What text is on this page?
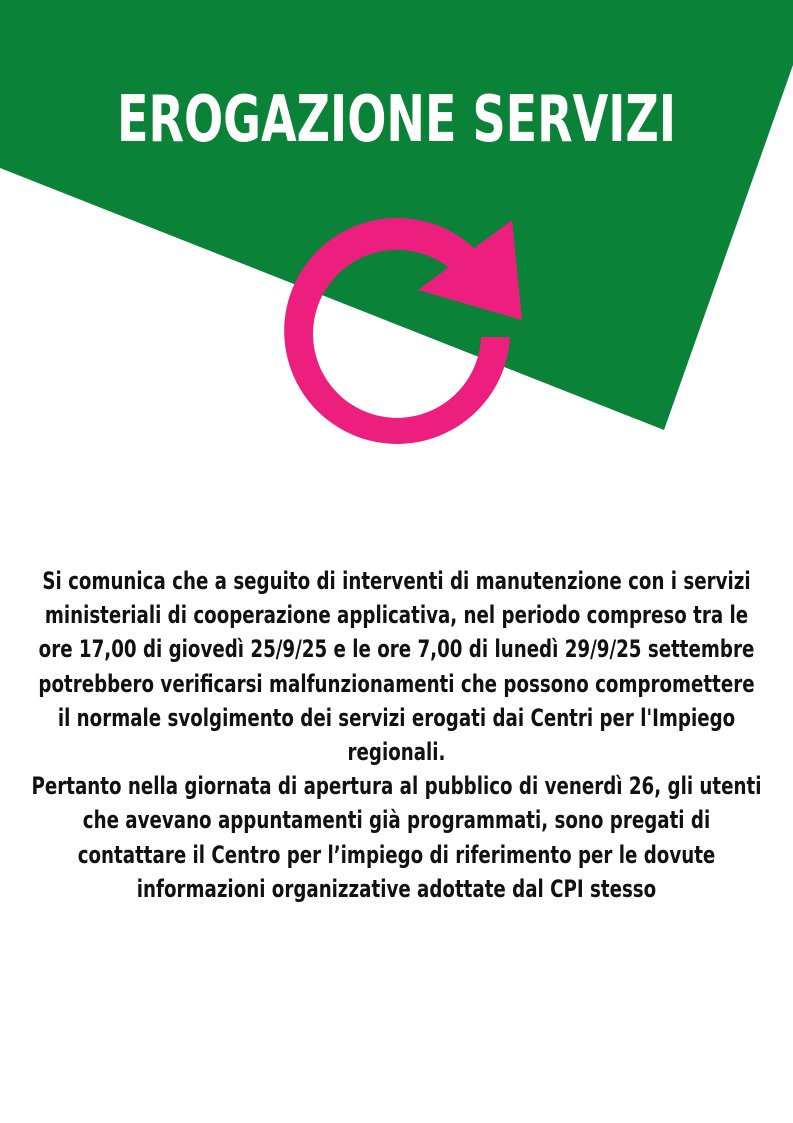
EROGAZIONE SERVIZI

Si comunica che a seguito di interventi di manutenzione con i servizi ministeriali di cooperazione applicativa, nel periodo compreso tra le ore 17,00 di giovedì 25/9/25 e le ore 7,00 di lunedì 29/9/25 settembre potrebbero verificarsi malfunzionamenti che possono compromettere il normale svolgimento dei servizi erogati dai Centri per l'Impiego regionali.

Pertanto nella giornata di apertura al pubblico di venerdì 26, gli utenti che avevano appuntamenti già programmati, sono pregati di contattare il Centro per l’impiego di riferimento per le dovute informazioni organizzative adottate dal CPI stesso
